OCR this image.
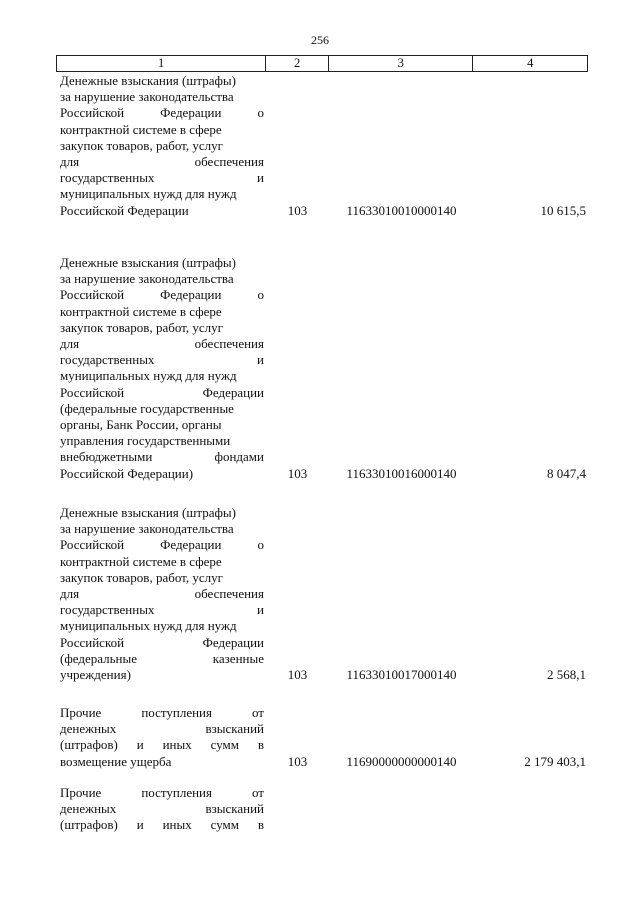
256
1	2	3	4
Денежные взыскания (штрафы)
за нарушение законодательства
Российской	Федерации	о
контрактной системе в сфере
закупок товаров, работ, услуг
для	обеспечения
государственных	и
муниципальных нужд для нужд
Российской Федерации	103	11633010010000140	10 615,5
Денежные взыскания (штрафы)
за нарушение законодательства
Российской	Федерации	о
контрактной системе в сфере
закупок товаров, работ, услуг
для	обеспечения
государственных	и
муниципальных нужд для нужд
Российской	Федерации
(федеральные государственные
органы, Банк России, органы
управления государственными
внебюджетными	фондами
Российской Федерации)	103	11633010016000140	8 047,4
Денежные взыскания (штрафы)
за нарушение законодательства
Российской	Федерации	о
контрактной системе в сфере
закупок товаров, работ, услуг
для	обеспечения
государственных	и
муниципальных нужд для нужд
Российской	Федерации
(федеральные	казенные
учреждения)	103	11633010017000140	2 568,1
Прочие	поступления	от
денежных	взысканий
(штрафов) и иных сумм в
возмещение ущерба	103	11690000000000140	2 179 403,1
Прочие	поступления	от
денежных	взысканий
(штрафов) и иных сумм в
